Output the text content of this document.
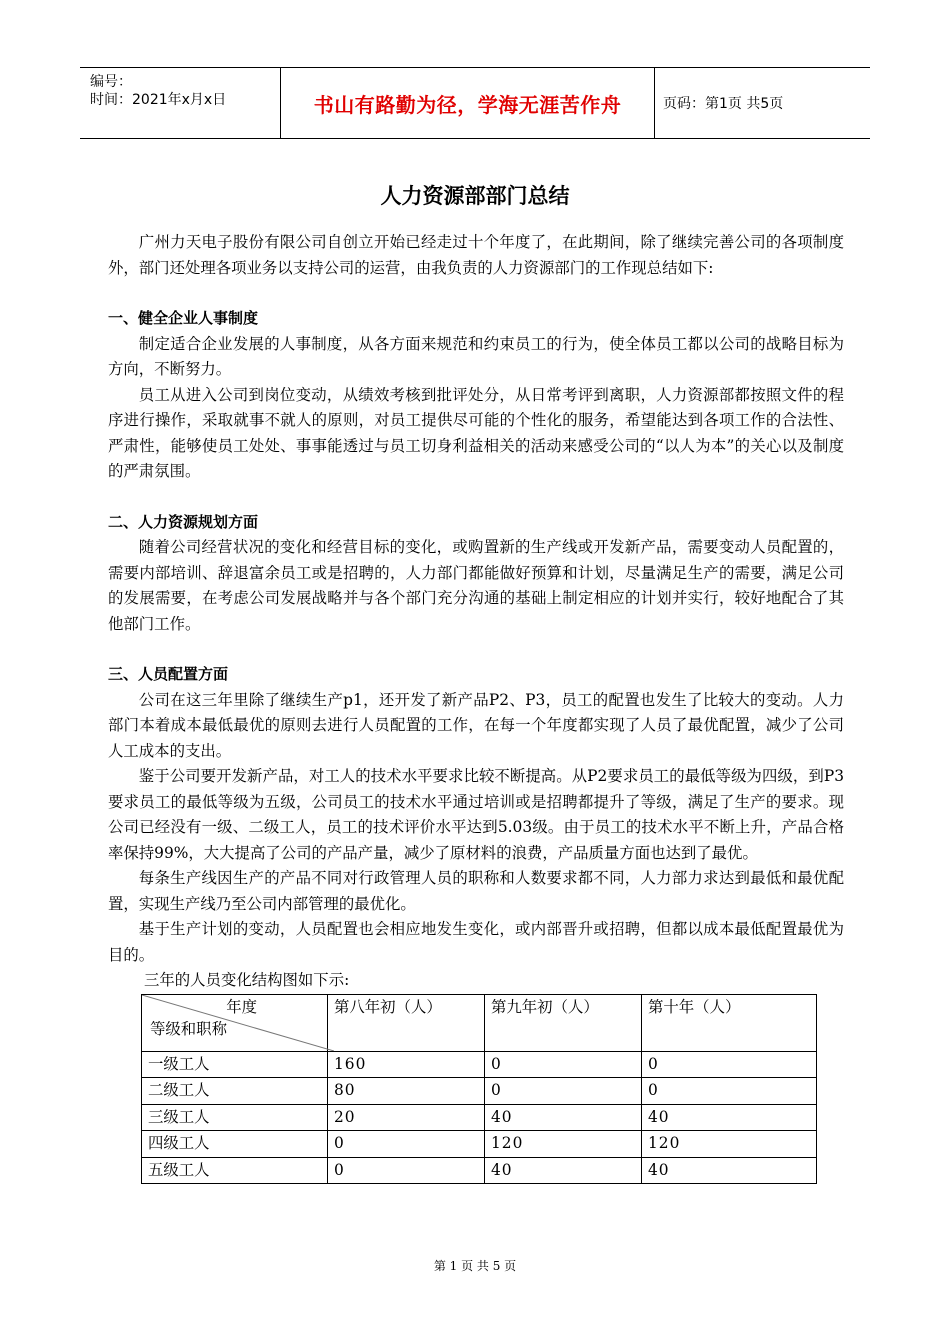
编号：
时间：2021年x月x日	书山有路勤为径，学海无涯苦作舟	页码：第1页 共5页
人力资源部部门总结

广州力天电子股份有限公司自创立开始已经走过十个年度了，在此期间，除了继续完善公司的各项制度外，部门还处理各项业务以支持公司的运营，由我负责的人力资源部门的工作现总结如下:

一、健全企业人事制度

制定适合企业发展的人事制度，从各方面来规范和约束员工的行为，使全体员工都以公司的战略目标为方向，不断努力。

员工从进入公司到岗位变动，从绩效考核到批评处分，从日常考评到离职，人力资源部都按照文件的程序进行操作，采取就事不就人的原则，对员工提供尽可能的个性化的服务，希望能达到各项工作的合法性、严肃性，能够使员工处处、事事能透过与员工切身利益相关的活动来感受公司的“以人为本”的关心以及制度的严肃氛围。

二、人力资源规划方面

随着公司经营状况的变化和经营目标的变化，或购置新的生产线或开发新产品，需要变动人员配置的，需要内部培训、辞退富余员工或是招聘的，人力部门都能做好预算和计划，尽量满足生产的需要，满足公司的发展需要，在考虑公司发展战略并与各个部门充分沟通的基础上制定相应的计划并实行，较好地配合了其他部门工作。

三、人员配置方面

公司在这三年里除了继续生产p1，还开发了新产品P2、P3，员工的配置也发生了比较大的变动。人力部门本着成本最低最优的原则去进行人员配置的工作，在每一个年度都实现了人员了最优配置，减少了公司人工成本的支出。

鉴于公司要开发新产品，对工人的技术水平要求比较不断提高。从P2要求员工的最低等级为四级，到P3要求员工的最低等级为五级，公司员工的技术水平通过培训或是招聘都提升了等级，满足了生产的要求。现公司已经没有一级、二级工人，员工的技术评价水平达到5.03级。由于员工的技术水平不断上升，产品合格率保持99%，大大提高了公司的产品产量，减少了原材料的浪费，产品质量方面也达到了最优。

每条生产线因生产的产品不同对行政管理人员的职称和人数要求都不同，人力部力求达到最低和最优配置，实现生产线乃至公司内部管理的最优化。

基于生产计划的变动，人员配置也会相应地发生变化，或内部晋升或招聘，但都以成本最低配置最优为目的。

三年的人员变化结构图如下示:
年度
等级和职称	第八年初（人）	第九年初（人）	第十年（人）
一级工人	160	0	0
二级工人	80	0	0
三级工人	20	40	40
四级工人	0	120	120
五级工人	0	40	40
第 1 页 共 5 页
